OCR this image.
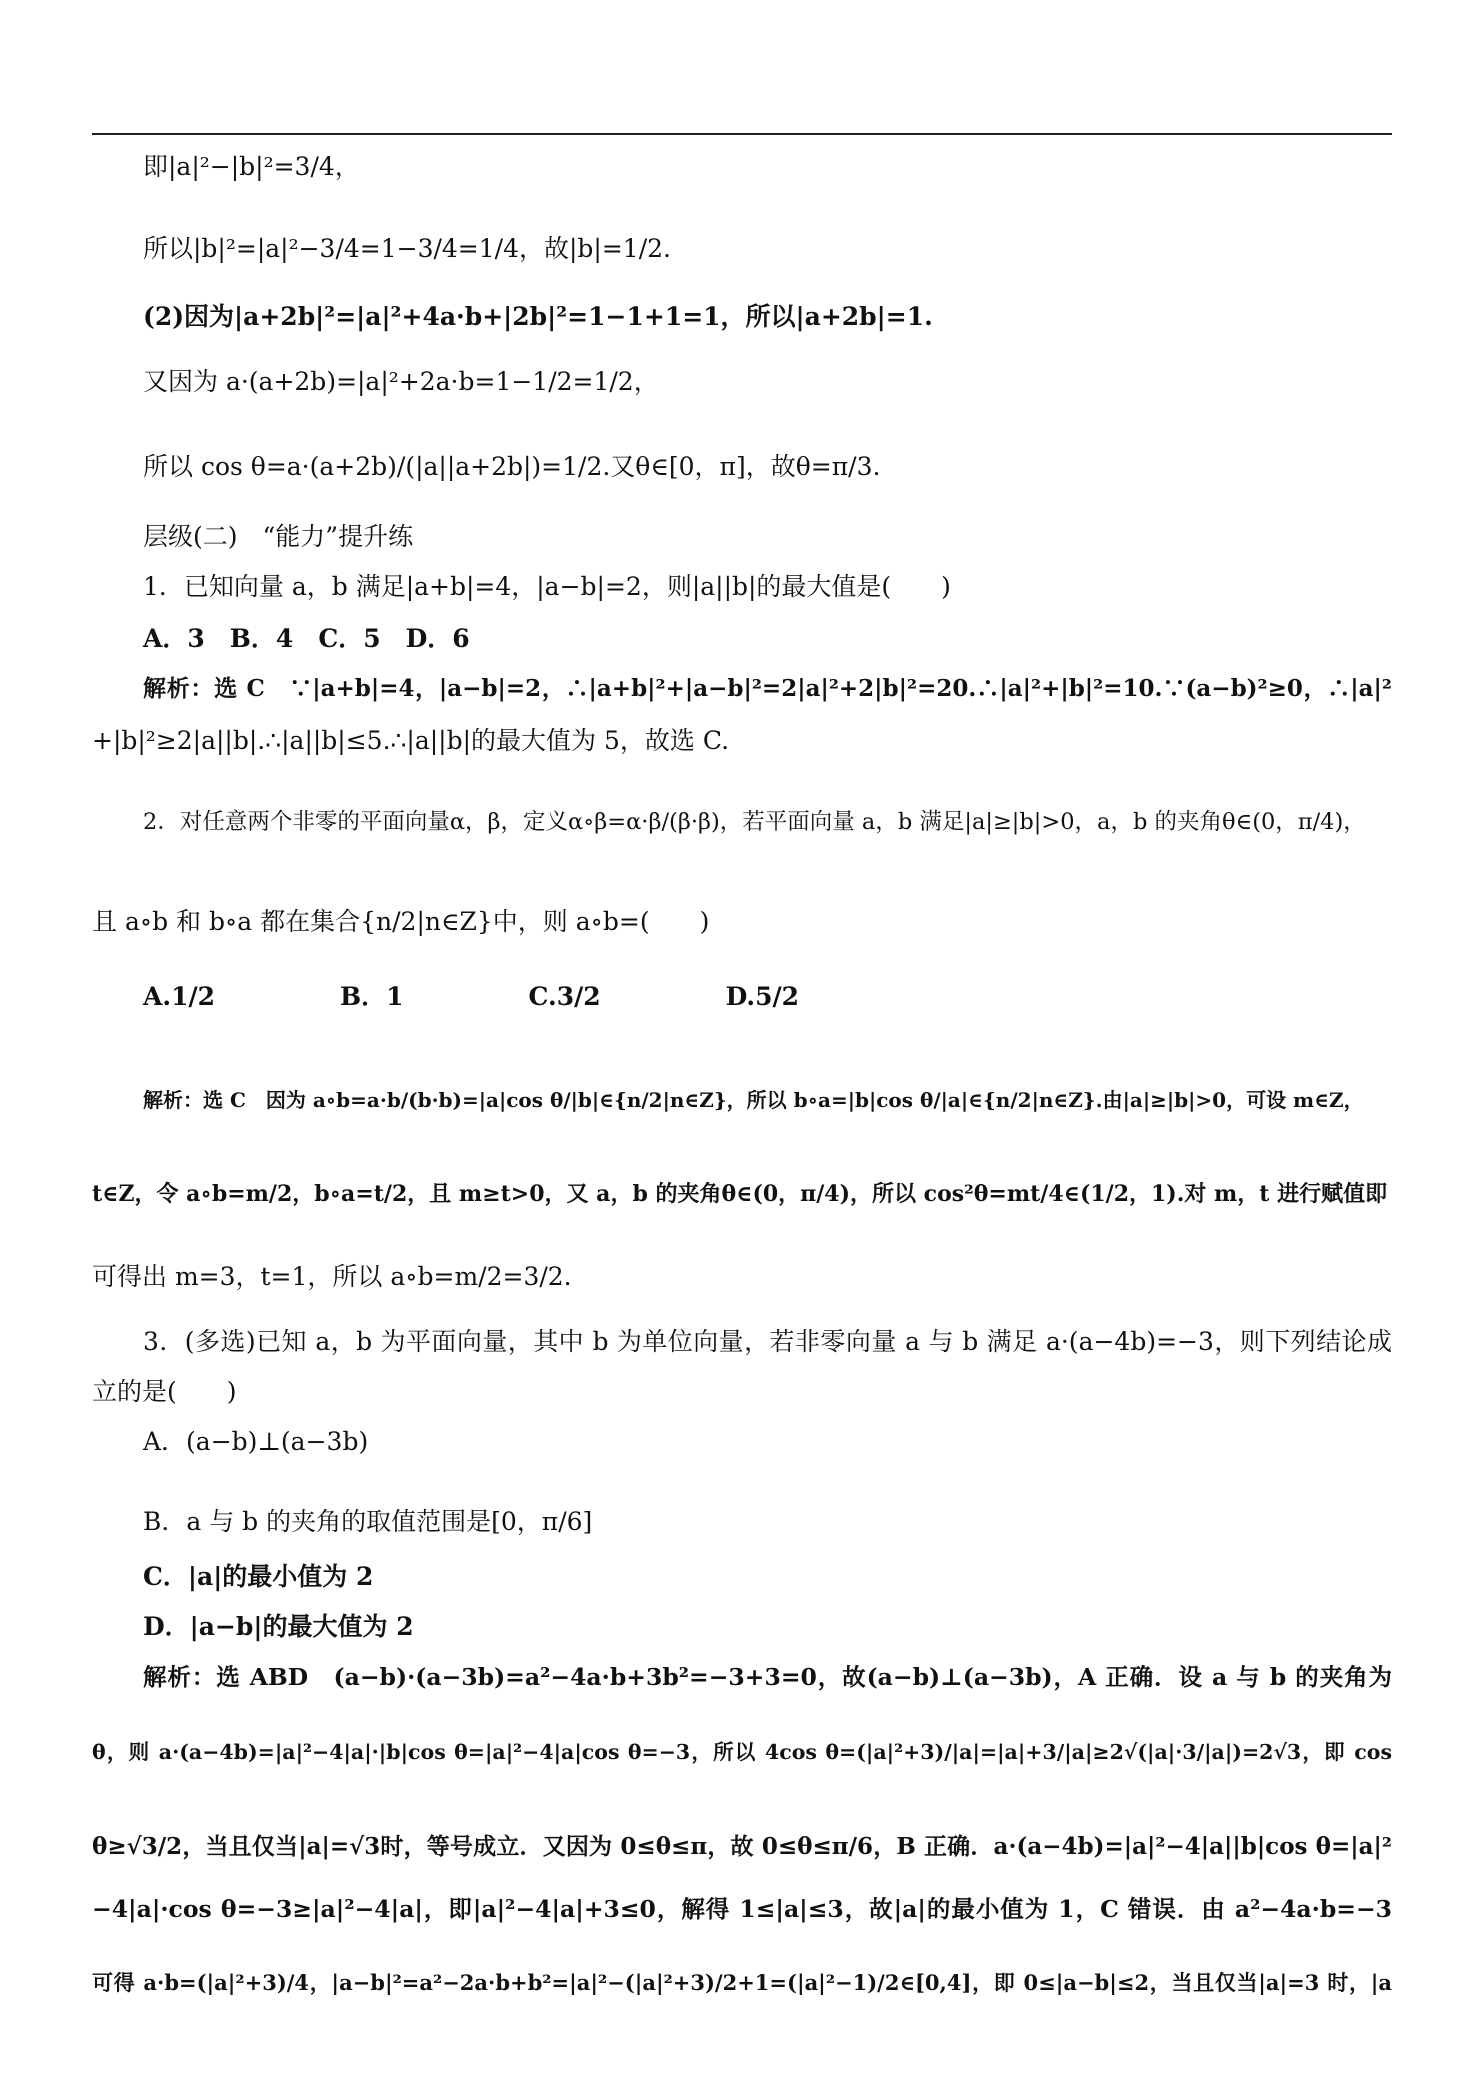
即|a|²−|b|²=3/4，
所以|b|²=|a|²−3/4=1−3/4=1/4，故|b|=1/2.
(2)因为|a+2b|²=|a|²+4a·b+|2b|²=1−1+1=1，所以|a+2b|=1.
又因为 a·(a+2b)=|a|²+2a·b=1−1/2=1/2，
所以 cos θ=a·(a+2b)/(|a||a+2b|)=1/2.又θ∈[0，π]，故θ=π/3.
层级(二)　“能力”提升练
1．已知向量 a，b 满足|a+b|=4，|a−b|=2，则|a||b|的最大值是(　　)
A．3　B．4　C．5　D．6
解析：选 C　∵|a+b|=4，|a−b|=2，∴|a+b|²+|a−b|²=2|a|²+2|b|²=20.∴|a|²+|b|²=10.∵(a−b)²≥0，∴|a|²
+|b|²≥2|a||b|.∴|a||b|≤5.∴|a||b|的最大值为 5，故选 C.
2．对任意两个非零的平面向量α，β，定义α∘β=α·β/(β·β)，若平面向量 a，b 满足|a|≥|b|>0，a，b 的夹角θ∈(0，π/4)，
且 a∘b 和 b∘a 都在集合{n/2|n∈Z}中，则 a∘b=(　　)
A.1/2　　　　　B．1　　　　　C.3/2　　　　　D.5/2
解析：选 C　因为 a∘b=a·b/(b·b)=|a|cos θ/|b|∈{n/2|n∈Z}，所以 b∘a=|b|cos θ/|a|∈{n/2|n∈Z}.由|a|≥|b|>0，可设 m∈Z，
t∈Z，令 a∘b=m/2，b∘a=t/2，且 m≥t>0，又 a，b 的夹角θ∈(0，π/4)，所以 cos²θ=mt/4∈(1/2，1).对 m，t 进行赋值即
可得出 m=3，t=1，所以 a∘b=m/2=3/2.
3．(多选)已知 a，b 为平面向量，其中 b 为单位向量，若非零向量 a 与 b 满足 a·(a−4b)=−3，则下列结论成
立的是(　　)
A．(a−b)⊥(a−3b)
B．a 与 b 的夹角的取值范围是[0，π/6]
C．|a|的最小值为 2
D．|a−b|的最大值为 2
解析：选 ABD　(a−b)·(a−3b)=a²−4a·b+3b²=−3+3=0，故(a−b)⊥(a−3b)，A 正确．设 a 与 b 的夹角为
θ，则 a·(a−4b)=|a|²−4|a|·|b|cos θ=|a|²−4|a|cos θ=−3，所以 4cos θ=(|a|²+3)/|a|=|a|+3/|a|≥2√(|a|·3/|a|)=2√3，即 cos
θ≥√3/2，当且仅当|a|=√3时，等号成立．又因为 0≤θ≤π，故 0≤θ≤π/6，B 正确．a·(a−4b)=|a|²−4|a||b|cos θ=|a|²
−4|a|·cos θ=−3≥|a|²−4|a|，即|a|²−4|a|+3≤0，解得 1≤|a|≤3，故|a|的最小值为 1，C 错误．由 a²−4a·b=−3
可得 a·b=(|a|²+3)/4，|a−b|²=a²−2a·b+b²=|a|²−(|a|²+3)/2+1=(|a|²−1)/2∈[0,4]，即 0≤|a−b|≤2，当且仅当|a|=3 时，|a
